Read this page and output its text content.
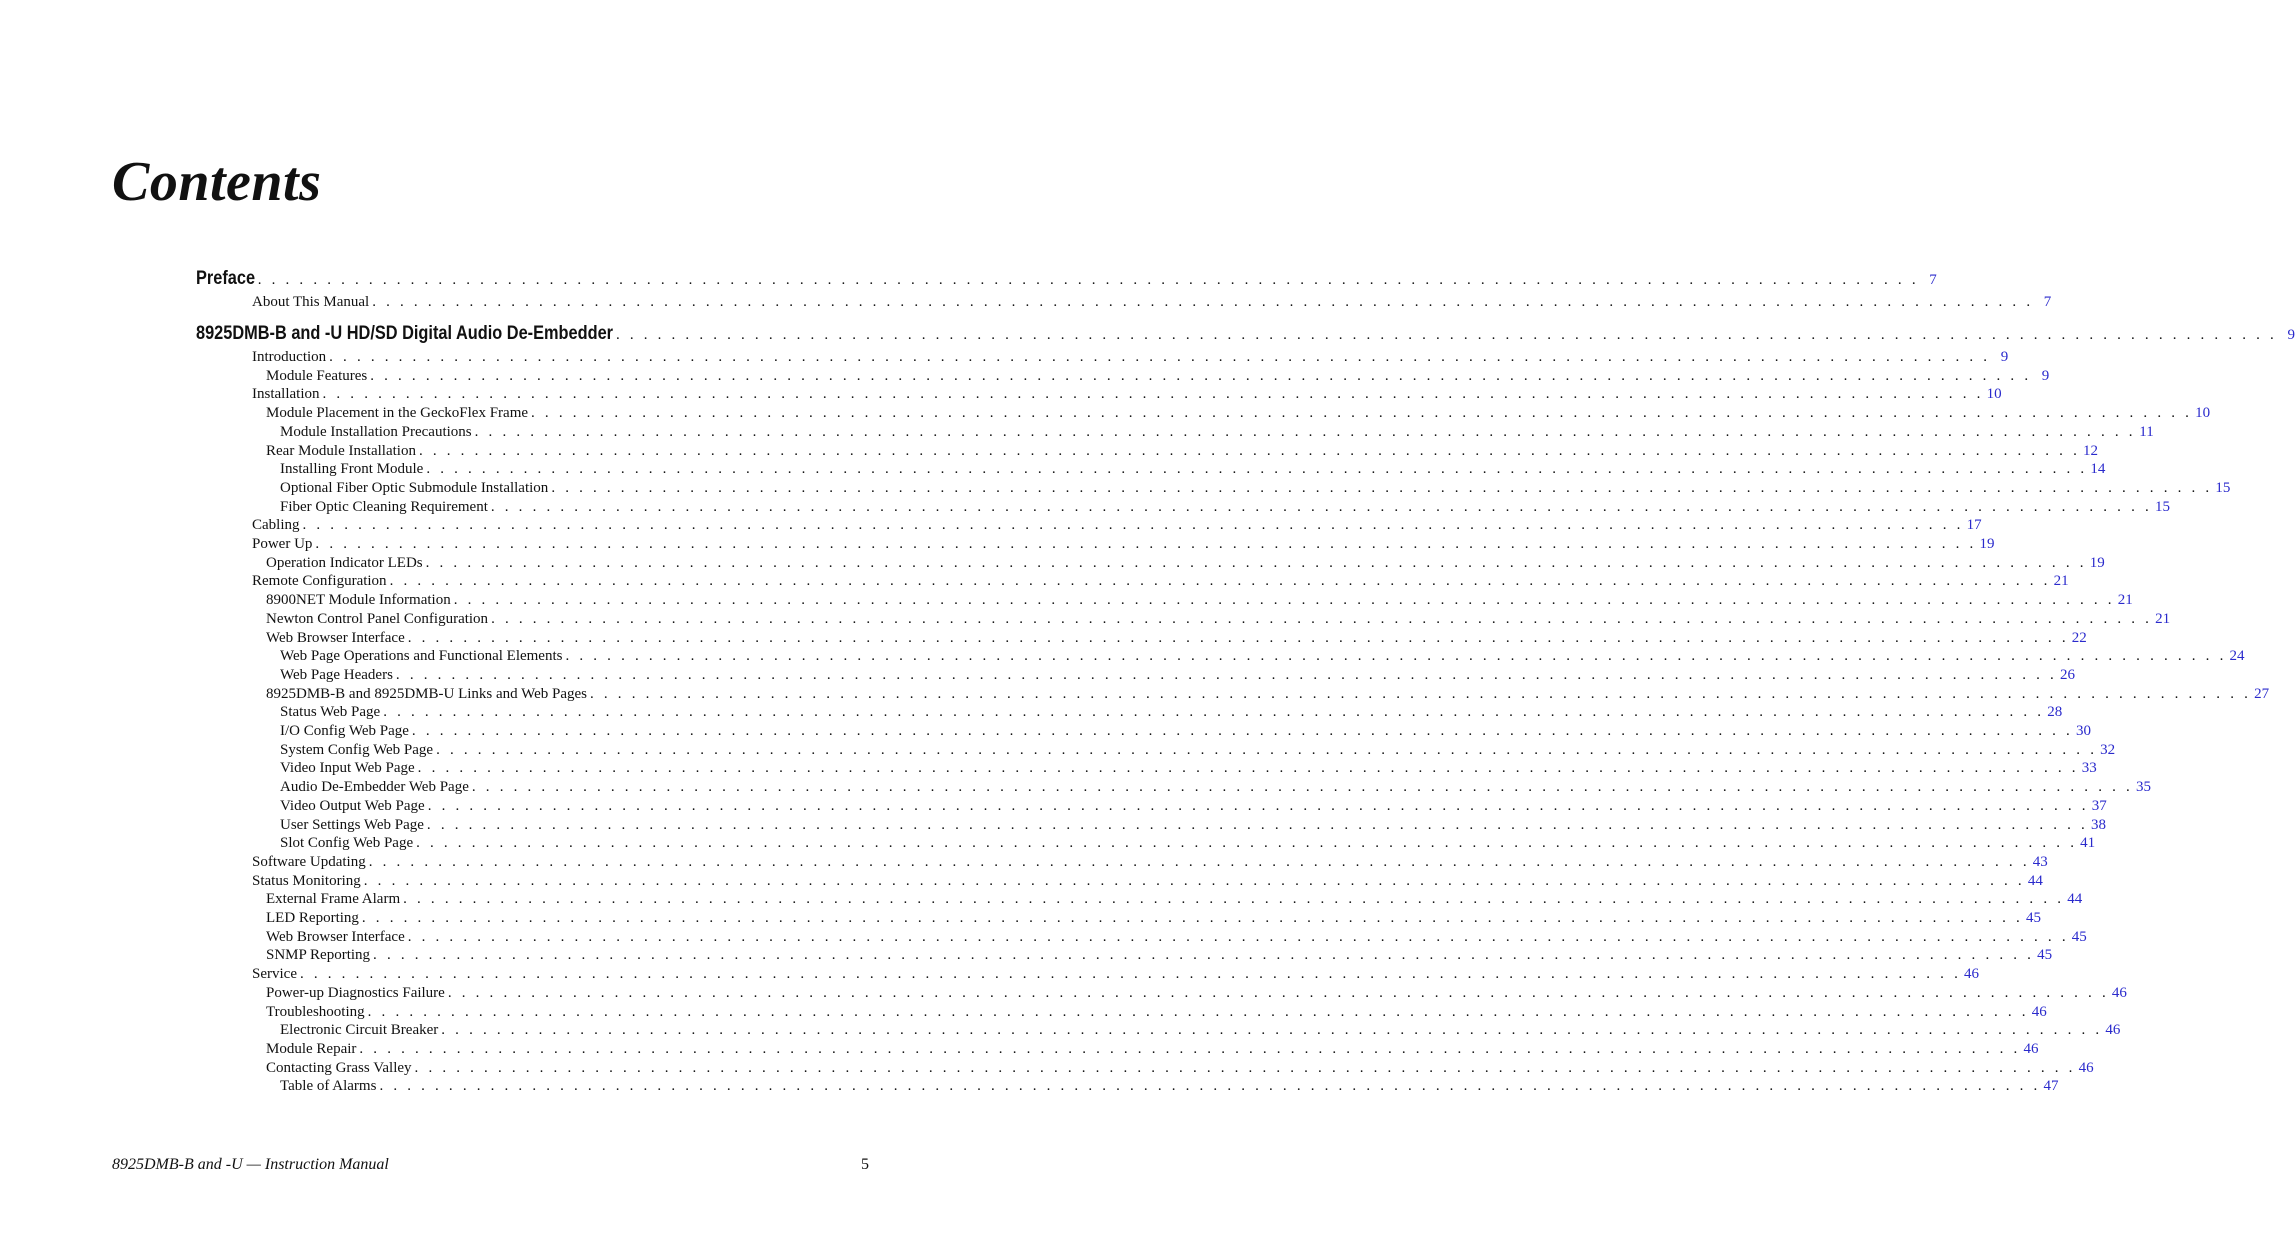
Contents
Preface . . . . . . . . . . . . . . . . . . . . . . . . . . . . . . . . . . . . . . . . . . . . . . . . . . . . . . . . . . . . . . . . . . . . . . . . . . . . . . . . . . . . . . . . . . . . . . . . . . . . . . . . . . . . . . . . . . . . . . . . 7
About This Manual . . . . . . . . . . . . . . . . . . . . . . . . . . . . . . . . . . . . . . . . . . . . . . . . . . . . . . . . . . . . . . . . . . . . . . . . . . . . . . . . . . . . . . . . . . . . . . . . . . . . . . . . . . . . . . . . . . . . . . . . 7
8925DMB-B and -U HD/SD Digital Audio De-Embedder . . . . . . . . . . . . . . . . . . . . . . . . . . . . . . . . . . . . . . . . . . . . . . . . . . . . . . . . . . . . . . . . . . . . . . . . . . . . . . . . . . . . . . . . . . . . . . . . . . . . . . . . . . . . . . . . . . . . . . . . 9
Introduction . . . . . . . . . . . . . . . . . . . . . . . . . . . . . . . . . . . . . . . . . . . . . . . . . . . . . . . . . . . . . . . . . . . . . . . . . . . . . . . . . . . . . . . . . . . . . . . . . . . . . . . . . . . . . . . . . . . . . . . . 9
Module Features . . . . . . . . . . . . . . . . . . . . . . . . . . . . . . . . . . . . . . . . . . . . . . . . . . . . . . . . . . . . . . . . . . . . . . . . . . . . . . . . . . . . . . . . . . . . . . . . . . . . . . . . . . . . . . . . . . . . . . . . 9
Installation . . . . . . . . . . . . . . . . . . . . . . . . . . . . . . . . . . . . . . . . . . . . . . . . . . . . . . . . . . . . . . . . . . . . . . . . . . . . . . . . . . . . . . . . . . . . . . . . . . . . . . . . . . . . . . . . . . . . . . . . 10
Module Placement in the GeckoFlex Frame . . . . . . . . . . . . . . . . . . . . . . . . . . . . . . . . . . . . . . . . . . . . . . . . . . . . . . . . . . . . . . . . . . . . . . . . . . . . . . . . . . . . . . . . . . . . . . . . . . . . . . . . . . . . . . . . . . . . . . . . 10
Module Installation Precautions . . . . . . . . . . . . . . . . . . . . . . . . . . . . . . . . . . . . . . . . . . . . . . . . . . . . . . . . . . . . . . . . . . . . . . . . . . . . . . . . . . . . . . . . . . . . . . . . . . . . . . . . . . . . . . . . . . . . . . . . 11
Rear Module Installation . . . . . . . . . . . . . . . . . . . . . . . . . . . . . . . . . . . . . . . . . . . . . . . . . . . . . . . . . . . . . . . . . . . . . . . . . . . . . . . . . . . . . . . . . . . . . . . . . . . . . . . . . . . . . . . . . . . . . . . . 12
Installing Front Module . . . . . . . . . . . . . . . . . . . . . . . . . . . . . . . . . . . . . . . . . . . . . . . . . . . . . . . . . . . . . . . . . . . . . . . . . . . . . . . . . . . . . . . . . . . . . . . . . . . . . . . . . . . . . . . . . . . . . . . . 14
Optional Fiber Optic Submodule Installation . . . . . . . . . . . . . . . . . . . . . . . . . . . . . . . . . . . . . . . . . . . . . . . . . . . . . . . . . . . . . . . . . . . . . . . . . . . . . . . . . . . . . . . . . . . . . . . . . . . . . . . . . . . . . . . . . . . . . . . . 15
Fiber Optic Cleaning Requirement . . . . . . . . . . . . . . . . . . . . . . . . . . . . . . . . . . . . . . . . . . . . . . . . . . . . . . . . . . . . . . . . . . . . . . . . . . . . . . . . . . . . . . . . . . . . . . . . . . . . . . . . . . . . . . . . . . . . . . . . 15
Cabling . . . . . . . . . . . . . . . . . . . . . . . . . . . . . . . . . . . . . . . . . . . . . . . . . . . . . . . . . . . . . . . . . . . . . . . . . . . . . . . . . . . . . . . . . . . . . . . . . . . . . . . . . . . . . . . . . . . . . . . . 17
Power Up . . . . . . . . . . . . . . . . . . . . . . . . . . . . . . . . . . . . . . . . . . . . . . . . . . . . . . . . . . . . . . . . . . . . . . . . . . . . . . . . . . . . . . . . . . . . . . . . . . . . . . . . . . . . . . . . . . . . . . . . 19
Operation Indicator LEDs . . . . . . . . . . . . . . . . . . . . . . . . . . . . . . . . . . . . . . . . . . . . . . . . . . . . . . . . . . . . . . . . . . . . . . . . . . . . . . . . . . . . . . . . . . . . . . . . . . . . . . . . . . . . . . . . . . . . . . . . 19
Remote Configuration . . . . . . . . . . . . . . . . . . . . . . . . . . . . . . . . . . . . . . . . . . . . . . . . . . . . . . . . . . . . . . . . . . . . . . . . . . . . . . . . . . . . . . . . . . . . . . . . . . . . . . . . . . . . . . . . . . . . . . . . 21
8900NET Module Information . . . . . . . . . . . . . . . . . . . . . . . . . . . . . . . . . . . . . . . . . . . . . . . . . . . . . . . . . . . . . . . . . . . . . . . . . . . . . . . . . . . . . . . . . . . . . . . . . . . . . . . . . . . . . . . . . . . . . . . . 21
Newton Control Panel Configuration . . . . . . . . . . . . . . . . . . . . . . . . . . . . . . . . . . . . . . . . . . . . . . . . . . . . . . . . . . . . . . . . . . . . . . . . . . . . . . . . . . . . . . . . . . . . . . . . . . . . . . . . . . . . . . . . . . . . . . . . 21
Web Browser Interface . . . . . . . . . . . . . . . . . . . . . . . . . . . . . . . . . . . . . . . . . . . . . . . . . . . . . . . . . . . . . . . . . . . . . . . . . . . . . . . . . . . . . . . . . . . . . . . . . . . . . . . . . . . . . . . . . . . . . . . . 22
Web Page Operations and Functional Elements . . . . . . . . . . . . . . . . . . . . . . . . . . . . . . . . . . . . . . . . . . . . . . . . . . . . . . . . . . . . . . . . . . . . . . . . . . . . . . . . . . . . . . . . . . . . . . . . . . . . . . . . . . . . . . . . . . . . . . . . 24
Web Page Headers . . . . . . . . . . . . . . . . . . . . . . . . . . . . . . . . . . . . . . . . . . . . . . . . . . . . . . . . . . . . . . . . . . . . . . . . . . . . . . . . . . . . . . . . . . . . . . . . . . . . . . . . . . . . . . . . . . . . . . . . 26
8925DMB-B and 8925DMB-U Links and Web Pages . . . . . . . . . . . . . . . . . . . . . . . . . . . . . . . . . . . . . . . . . . . . . . . . . . . . . . . . . . . . . . . . . . . . . . . . . . . . . . . . . . . . . . . . . . . . . . . . . . . . . . . . . . . . . . . . . . . . . . . . 27
Status Web Page . . . . . . . . . . . . . . . . . . . . . . . . . . . . . . . . . . . . . . . . . . . . . . . . . . . . . . . . . . . . . . . . . . . . . . . . . . . . . . . . . . . . . . . . . . . . . . . . . . . . . . . . . . . . . . . . . . . . . . . . 28
I/O Config Web Page . . . . . . . . . . . . . . . . . . . . . . . . . . . . . . . . . . . . . . . . . . . . . . . . . . . . . . . . . . . . . . . . . . . . . . . . . . . . . . . . . . . . . . . . . . . . . . . . . . . . . . . . . . . . . . . . . . . . . . . . 30
System Config Web Page . . . . . . . . . . . . . . . . . . . . . . . . . . . . . . . . . . . . . . . . . . . . . . . . . . . . . . . . . . . . . . . . . . . . . . . . . . . . . . . . . . . . . . . . . . . . . . . . . . . . . . . . . . . . . . . . . . . . . . . . 32
Video Input Web Page . . . . . . . . . . . . . . . . . . . . . . . . . . . . . . . . . . . . . . . . . . . . . . . . . . . . . . . . . . . . . . . . . . . . . . . . . . . . . . . . . . . . . . . . . . . . . . . . . . . . . . . . . . . . . . . . . . . . . . . . 33
Audio De-Embedder Web Page . . . . . . . . . . . . . . . . . . . . . . . . . . . . . . . . . . . . . . . . . . . . . . . . . . . . . . . . . . . . . . . . . . . . . . . . . . . . . . . . . . . . . . . . . . . . . . . . . . . . . . . . . . . . . . . . . . . . . . . . 35
Video Output Web Page . . . . . . . . . . . . . . . . . . . . . . . . . . . . . . . . . . . . . . . . . . . . . . . . . . . . . . . . . . . . . . . . . . . . . . . . . . . . . . . . . . . . . . . . . . . . . . . . . . . . . . . . . . . . . . . . . . . . . . . . 37
User Settings Web Page . . . . . . . . . . . . . . . . . . . . . . . . . . . . . . . . . . . . . . . . . . . . . . . . . . . . . . . . . . . . . . . . . . . . . . . . . . . . . . . . . . . . . . . . . . . . . . . . . . . . . . . . . . . . . . . . . . . . . . . . 38
Slot Config Web Page . . . . . . . . . . . . . . . . . . . . . . . . . . . . . . . . . . . . . . . . . . . . . . . . . . . . . . . . . . . . . . . . . . . . . . . . . . . . . . . . . . . . . . . . . . . . . . . . . . . . . . . . . . . . . . . . . . . . . . . . 41
Software Updating . . . . . . . . . . . . . . . . . . . . . . . . . . . . . . . . . . . . . . . . . . . . . . . . . . . . . . . . . . . . . . . . . . . . . . . . . . . . . . . . . . . . . . . . . . . . . . . . . . . . . . . . . . . . . . . . . . . . . . . . 43
Status Monitoring . . . . . . . . . . . . . . . . . . . . . . . . . . . . . . . . . . . . . . . . . . . . . . . . . . . . . . . . . . . . . . . . . . . . . . . . . . . . . . . . . . . . . . . . . . . . . . . . . . . . . . . . . . . . . . . . . . . . . . . . 44
External Frame Alarm . . . . . . . . . . . . . . . . . . . . . . . . . . . . . . . . . . . . . . . . . . . . . . . . . . . . . . . . . . . . . . . . . . . . . . . . . . . . . . . . . . . . . . . . . . . . . . . . . . . . . . . . . . . . . . . . . . . . . . . . 44
LED Reporting . . . . . . . . . . . . . . . . . . . . . . . . . . . . . . . . . . . . . . . . . . . . . . . . . . . . . . . . . . . . . . . . . . . . . . . . . . . . . . . . . . . . . . . . . . . . . . . . . . . . . . . . . . . . . . . . . . . . . . . . 45
Web Browser Interface . . . . . . . . . . . . . . . . . . . . . . . . . . . . . . . . . . . . . . . . . . . . . . . . . . . . . . . . . . . . . . . . . . . . . . . . . . . . . . . . . . . . . . . . . . . . . . . . . . . . . . . . . . . . . . . . . . . . . . . . 45
SNMP Reporting . . . . . . . . . . . . . . . . . . . . . . . . . . . . . . . . . . . . . . . . . . . . . . . . . . . . . . . . . . . . . . . . . . . . . . . . . . . . . . . . . . . . . . . . . . . . . . . . . . . . . . . . . . . . . . . . . . . . . . . . 45
Service . . . . . . . . . . . . . . . . . . . . . . . . . . . . . . . . . . . . . . . . . . . . . . . . . . . . . . . . . . . . . . . . . . . . . . . . . . . . . . . . . . . . . . . . . . . . . . . . . . . . . . . . . . . . . . . . . . . . . . . . 46
Power-up Diagnostics Failure . . . . . . . . . . . . . . . . . . . . . . . . . . . . . . . . . . . . . . . . . . . . . . . . . . . . . . . . . . . . . . . . . . . . . . . . . . . . . . . . . . . . . . . . . . . . . . . . . . . . . . . . . . . . . . . . . . . . . . . . 46
Troubleshooting . . . . . . . . . . . . . . . . . . . . . . . . . . . . . . . . . . . . . . . . . . . . . . . . . . . . . . . . . . . . . . . . . . . . . . . . . . . . . . . . . . . . . . . . . . . . . . . . . . . . . . . . . . . . . . . . . . . . . . . . 46
Electronic Circuit Breaker . . . . . . . . . . . . . . . . . . . . . . . . . . . . . . . . . . . . . . . . . . . . . . . . . . . . . . . . . . . . . . . . . . . . . . . . . . . . . . . . . . . . . . . . . . . . . . . . . . . . . . . . . . . . . . . . . . . . . . . . 46
Module Repair . . . . . . . . . . . . . . . . . . . . . . . . . . . . . . . . . . . . . . . . . . . . . . . . . . . . . . . . . . . . . . . . . . . . . . . . . . . . . . . . . . . . . . . . . . . . . . . . . . . . . . . . . . . . . . . . . . . . . . . . 46
Contacting Grass Valley . . . . . . . . . . . . . . . . . . . . . . . . . . . . . . . . . . . . . . . . . . . . . . . . . . . . . . . . . . . . . . . . . . . . . . . . . . . . . . . . . . . . . . . . . . . . . . . . . . . . . . . . . . . . . . . . . . . . . . . . 46
Table of Alarms . . . . . . . . . . . . . . . . . . . . . . . . . . . . . . . . . . . . . . . . . . . . . . . . . . . . . . . . . . . . . . . . . . . . . . . . . . . . . . . . . . . . . . . . . . . . . . . . . . . . . . . . . . . . . . . . . . . . . . . . 47
8925DMB-B and -U — Instruction Manual	5
